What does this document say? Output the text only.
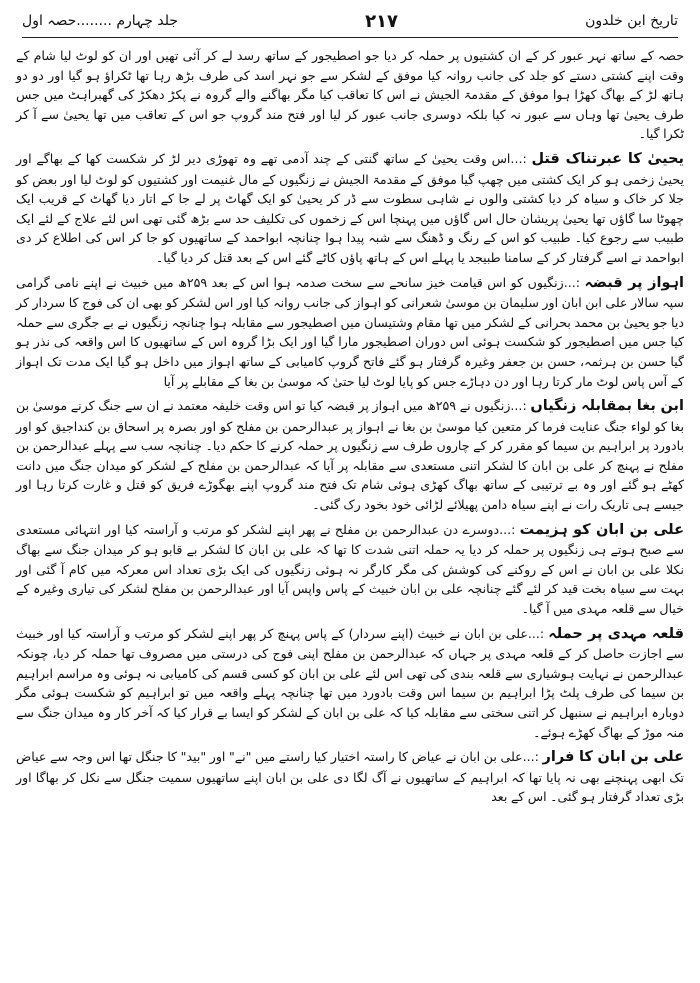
تاریخ ابن خلدون
۲۱۷
جلد چہارم ........حصہ اول

حصہ کے ساتھ نہر عبور کر کے ان کشتیوں پر حملہ کر دیا جو اصطیجور کے ساتھ رسد لے کر آئی تھیں اور ان کو لوٹ لیا شام کے وقت اپنے کشتی دستے کو جلد کی جانب روانہ کیا موفق کے لشکر سے جو نہر اسد کی طرف بڑھ رہا تھا ٹکراؤ ہو گیا اور دو دو ہاتھ لڑ کے بھاگ کھڑا ہوا موفق کے مقدمۃ الجیش نے اس کا تعاقب کیا مگر بھاگنے والے گروہ نے پکڑ دھکڑ کی گھبراہٹ میں جس طرف یحییٰ تھا وہاں سے عبور نہ کیا بلکہ دوسری جانب عبور کر لیا اور فتح مند گروپ جو اس کے تعاقب میں تھا یحییٰ سے آ کر ٹکرا گیا۔

یحییٰ کا عبرتناک قتل :...اس وقت یحییٰ کے ساتھ گنتی کے چند آدمی تھے وہ تھوڑی دیر لڑ کر شکست کھا کے بھاگے اور یحییٰ زخمی ہو کر ایک کشتی میں چھپ گیا موفق کے مقدمۃ الجیش نے زنگیوں کے مال غنیمت اور کشتیوں کو لوٹ لیا اور بعض کو جلا کر خاک و سیاہ کر دیا کشتی والوں نے شاہی سطوت سے ڈر کر یحییٰ کو ایک گھاٹ پر لے جا کے اتار دیا گھاٹ کے قریب ایک چھوٹا سا گاؤں تھا یحییٰ پریشان حال اس گاؤں میں پہنچا اس کے زخموں کی تکلیف حد سے بڑھ گئی تھی اس لئے علاج کے لئے ایک طبیب سے رجوع کیا۔ طبیب کو اس کے رنگ و ڈھنگ سے شبہ پیدا ہوا چنانچہ ابواحمد کے ساتھیوں کو جا کر اس کی اطلاع کر دی ابواحمد نے اسے گرفتار کر کے سامنا طبیجد یا پہلے اس کے ہاتھ پاؤں کاٹے گئے اس کے بعد قتل کر دیا گیا۔

اہواز پر قبضہ :...زنگیوں کو اس قیامت خیز سانحے سے سخت صدمہ ہوا اس کے بعد ۲۵۹ھ میں خبیث نے اپنے نامی گرامی سپہ سالار علی ابن ابان اور سلیمان بن موسیٰ شعرانی کو اہواز کی جانب روانہ کیا اور اس لشکر کو بھی ان کی فوج کا سردار کر دیا جو یحییٰ بن محمد بحرانی کے لشکر میں تھا مقام وشتیسان میں اصطیجور سے مقابلہ ہوا چنانچہ زنگیوں نے بے جگری سے حملہ کیا جس میں اصطیجور کو شکست ہوئی اس دوران اصطیجور مارا گیا اور ایک بڑا گروہ اس کے ساتھیوں کا اس واقعہ کی نذر ہو گیا حسن بن ہرثمہ، حسن بن جعفر وغیرہ گرفتار ہو گئے فاتح گروپ کامیابی کے ساتھ اہواز میں داخل ہو گیا ایک مدت تک اہواز کے آس پاس لوٹ مار کرتا رہا اور دن دہاڑے جس کو پایا لوٹ لیا حتیٰ کہ موسیٰ بن بغا کے مقابلے پر آیا

ابن بغا بمقابلہ زنگیاں :...زنگیوں نے ۲۵۹ھ میں اہواز پر قبضہ کیا تو اس وقت خلیفہ معتمد نے ان سے جنگ کرنے موسیٰ بن بغا کو لواء جنگ عنایت فرما کر متعین کیا موسیٰ بن بغا نے اہواز پر عبدالرحمن بن مفلح کو اور بصرہ پر اسحاق بن کنداجیق کو اور بادورد پر ابراہیم بن سیما کو مقرر کر کے چاروں طرف سے زنگیوں پر حملہ کرنے کا حکم دیا۔ چنانچہ سب سے پہلے عبدالرحمن بن مفلح نے پہنچ کر علی بن ابان کا لشکر اتنی مستعدی سے مقابلہ پر آیا کہ عبدالرحمن بن مفلح کے لشکر کو میدان جنگ میں دانت کھٹے ہو گئے اور وہ بے ترتیبی کے ساتھ بھاگ کھڑی ہوئی شام تک فتح مند گروپ اپنے بھگوڑے فریق کو قتل و غارت کرتا رہا اور جیسے ہی تاریک رات نے اپنے سیاہ دامن پھیلائے لڑائی خود بخود رک گئی۔

علی بن ابان کو ہزیمت :...دوسرے دن عبدالرحمن بن مفلح نے پھر اپنے لشکر کو مرتب و آراستہ کیا اور انتہائی مستعدی سے صبح ہوتے ہی زنگیوں پر حملہ کر دیا یہ حملہ اتنی شدت کا تھا کہ علی بن ابان کا لشکر بے قابو ہو کر میدان جنگ سے بھاگ نکلا علی بن ابان نے اس کے روکنے کی کوشش کی مگر کارگر نہ ہوئی زنگیوں کی ایک بڑی تعداد اس معرکہ میں کام آ گئی اور بہت سے سیاہ بخت قید کر لئے گئے چنانچہ علی بن ابان خبیث کے پاس واپس آیا اور عبدالرحمن بن مفلح لشکر کی تیاری وغیرہ کے خیال سے قلعہ مہدی میں آ گیا۔

قلعہ مہدی پر حملہ :...علی بن ابان نے خبیث (اپنے سردار) کے پاس پہنچ کر پھر اپنے لشکر کو مرتب و آراستہ کیا اور خبیث سے اجازت حاصل کر کے قلعہ مہدی پر جہاں کہ عبدالرحمن بن مفلح اپنی فوج کی درستی میں مصروف تھا حملہ کر دیا، چونکہ عبدالرحمن نے نہایت ہوشیاری سے قلعہ بندی کی تھی اس لئے علی بن ابان کو کسی قسم کی کامیابی نہ ہوئی وہ مراسم ابراہیم بن سیما کی طرف پلٹ پڑا ابراہیم بن سیما اس وقت بادورد میں تھا چنانچہ پہلے واقعہ میں تو ابراہیم کو شکست ہوئی مگر دوبارہ ابراہیم نے سنبھل کر اتنی سختی سے مقابلہ کیا کہ علی بن ابان کے لشکر کو ایسا بے قرار کیا کہ آخر کار وہ میدان جنگ سے منہ موڑ کے بھاگ کھڑے ہوئے۔

علی بن ابان کا فرار :...علی بن ابان نے عیاض کا راستہ اختیار کیا راستے میں "نے" اور "بید" کا جنگل تھا اس وجہ سے عیاض تک ابھی پہنچنے بھی نہ پایا تھا کہ ابراہیم کے ساتھیوں نے آگ لگا دی علی بن ابان اپنے ساتھیوں سمیت جنگل سے نکل کر بھاگا اور بڑی تعداد گرفتار ہو گئی۔ اس کے بعد
